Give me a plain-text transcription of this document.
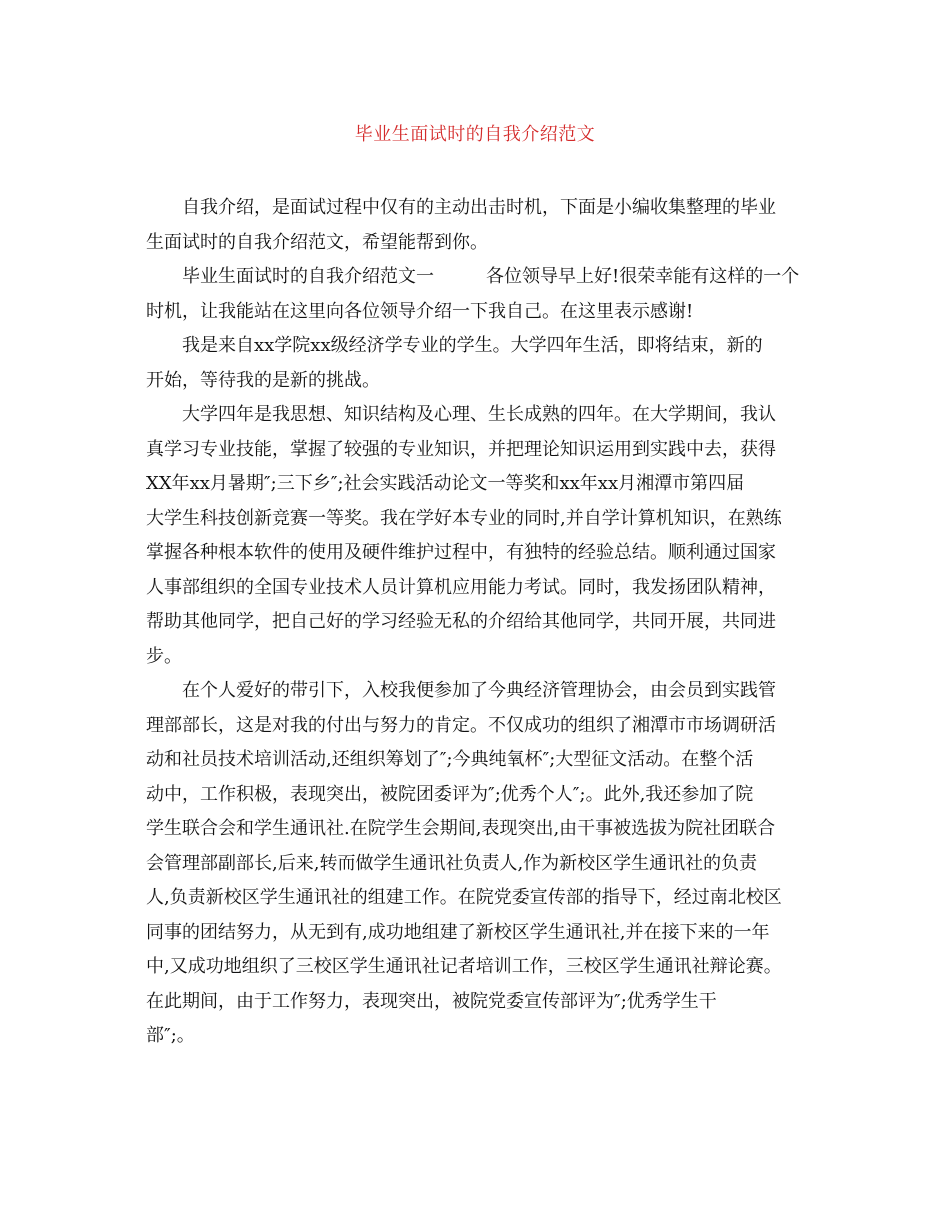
毕业生面试时的自我介绍范文
自我介绍，是面试过程中仅有的主动出击时机，下面是小编收集整理的毕业
生面试时的自我介绍范文，希望能帮到你。
毕业生面试时的自我介绍范文一	各位领导早上好!很荣幸能有这样的一个
时机，让我能站在这里向各位领导介绍一下我自己。在这里表示感谢!
我是来自xx学院xx级经济学专业的学生。大学四年生活，即将结束，新的
开始，等待我的是新的挑战。
大学四年是我思想、知识结构及心理、生长成熟的四年。在大学期间，我认
真学习专业技能，掌握了较强的专业知识，并把理论知识运用到实践中去，获得
XX年xx月暑期″;三下乡″;社会实践活动论文一等奖和xx年xx月湘潭市第四届
大学生科技创新竞赛一等奖。我在学好本专业的同时,并自学计算机知识，在熟练
掌握各种根本软件的使用及硬件维护过程中，有独特的经验总结。顺利通过国家
人事部组织的全国专业技术人员计算机应用能力考试。同时，我发扬团队精神，
帮助其他同学，把自己好的学习经验无私的介绍给其他同学，共同开展，共同进
步。
在个人爱好的带引下，入校我便参加了今典经济管理协会，由会员到实践管
理部部长，这是对我的付出与努力的肯定。不仅成功的组织了湘潭市市场调研活
动和社员技术培训活动,还组织筹划了″;今典纯氧杯″;大型征文活动。在整个活
动中，工作积极，表现突出，被院团委评为″;优秀个人″;。此外,我还参加了院
学生联合会和学生通讯社.在院学生会期间,表现突出,由干事被选拔为院社团联合
会管理部副部长,后来,转而做学生通讯社负责人,作为新校区学生通讯社的负责
人,负责新校区学生通讯社的组建工作。在院党委宣传部的指导下，经过南北校区
同事的团结努力，从无到有,成功地组建了新校区学生通讯社,并在接下来的一年
中,又成功地组织了三校区学生通讯社记者培训工作，三校区学生通讯社辩论赛。
在此期间，由于工作努力，表现突出，被院党委宣传部评为″;优秀学生干
部″;。
